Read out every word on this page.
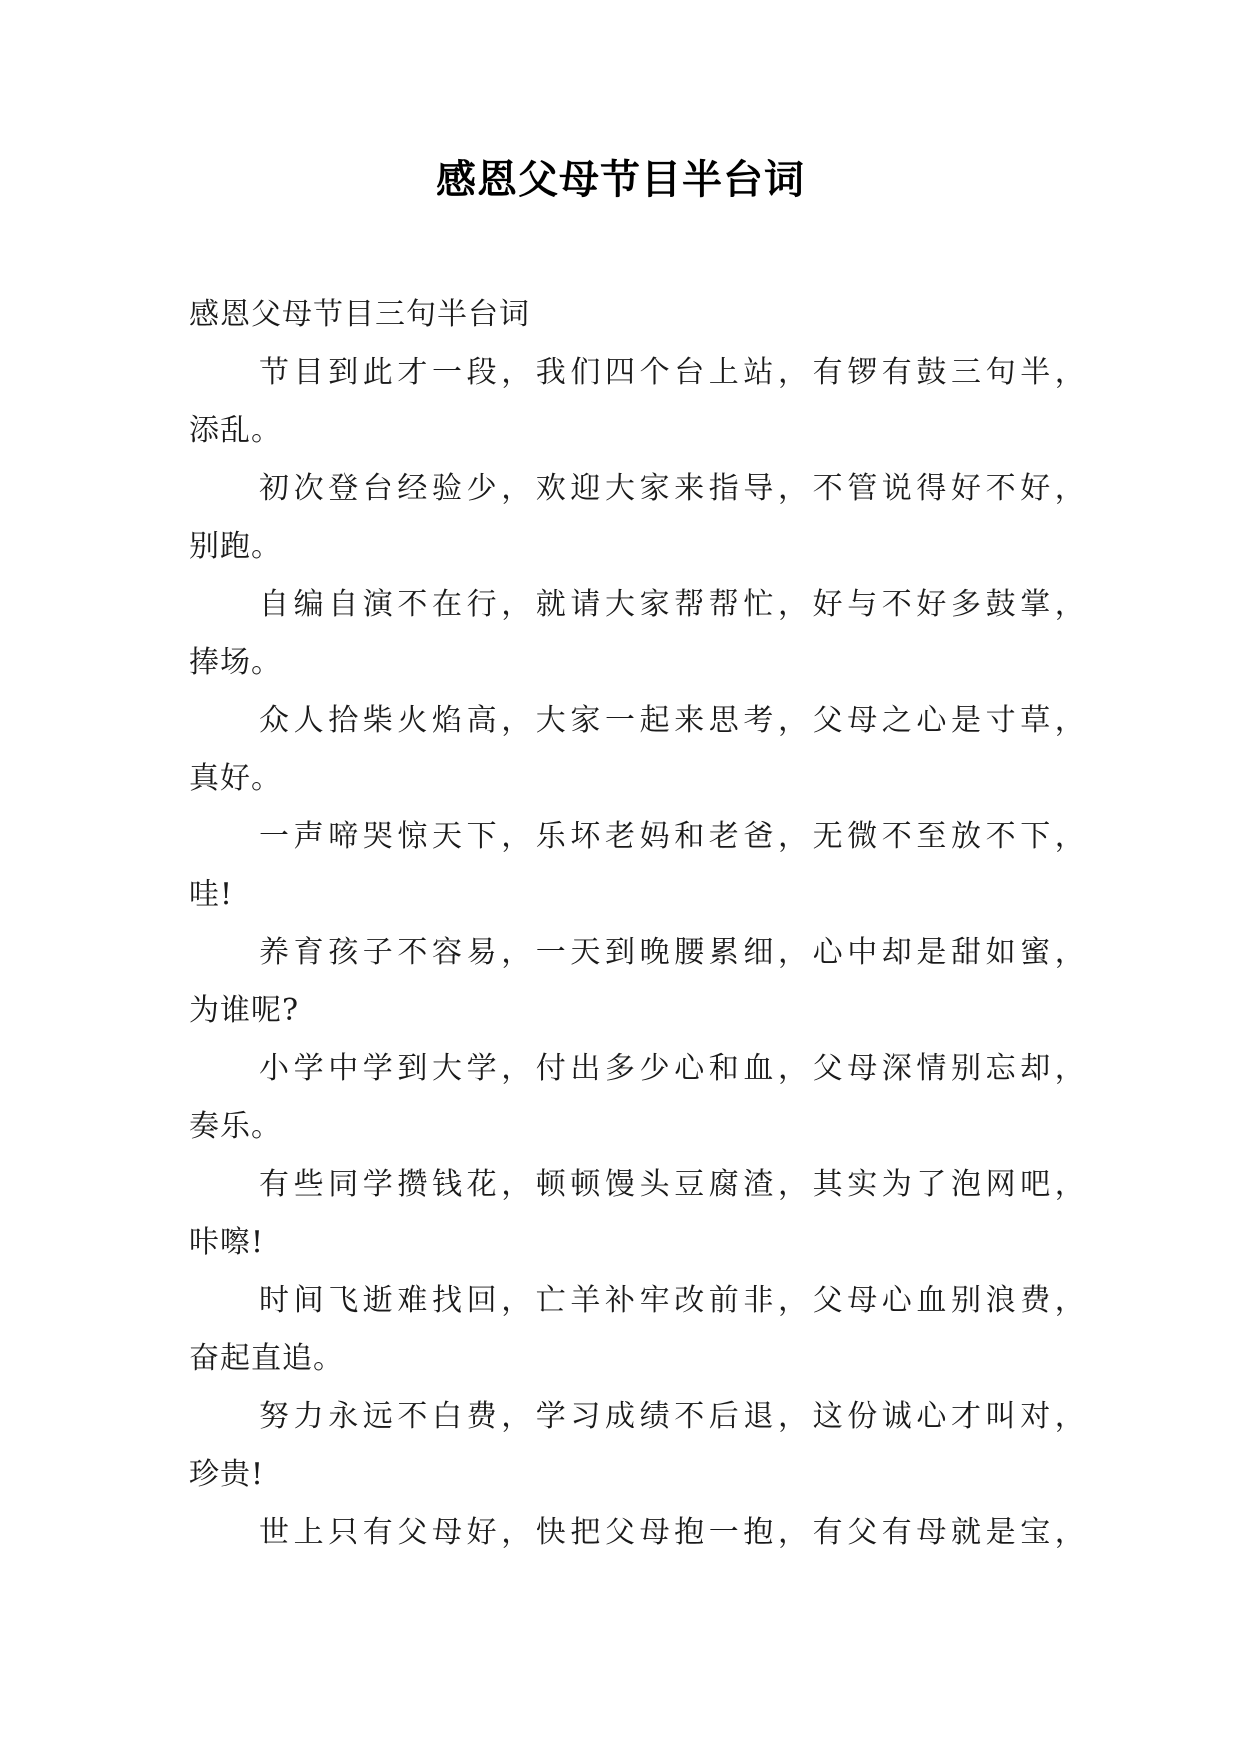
感恩父母节目半台词

感恩父母节目三句半台词

节目到此才一段，我们四个台上站，有锣有鼓三句半，
添乱。

初次登台经验少，欢迎大家来指导，不管说得好不好，
别跑。

自编自演不在行，就请大家帮帮忙，好与不好多鼓掌，
捧场。

众人拾柴火焰高，大家一起来思考，父母之心是寸草，
真好。

一声啼哭惊天下，乐坏老妈和老爸，无微不至放不下，
哇!

养育孩子不容易，一天到晚腰累细，心中却是甜如蜜，
为谁呢?

小学中学到大学，付出多少心和血，父母深情别忘却，
奏乐。

有些同学攒钱花，顿顿馒头豆腐渣，其实为了泡网吧，
咔嚓!

时间飞逝难找回，亡羊补牢改前非，父母心血别浪费，
奋起直追。

努力永远不白费，学习成绩不后退，这份诚心才叫对，
珍贵!

世上只有父母好，快把父母抱一抱，有父有母就是宝，
